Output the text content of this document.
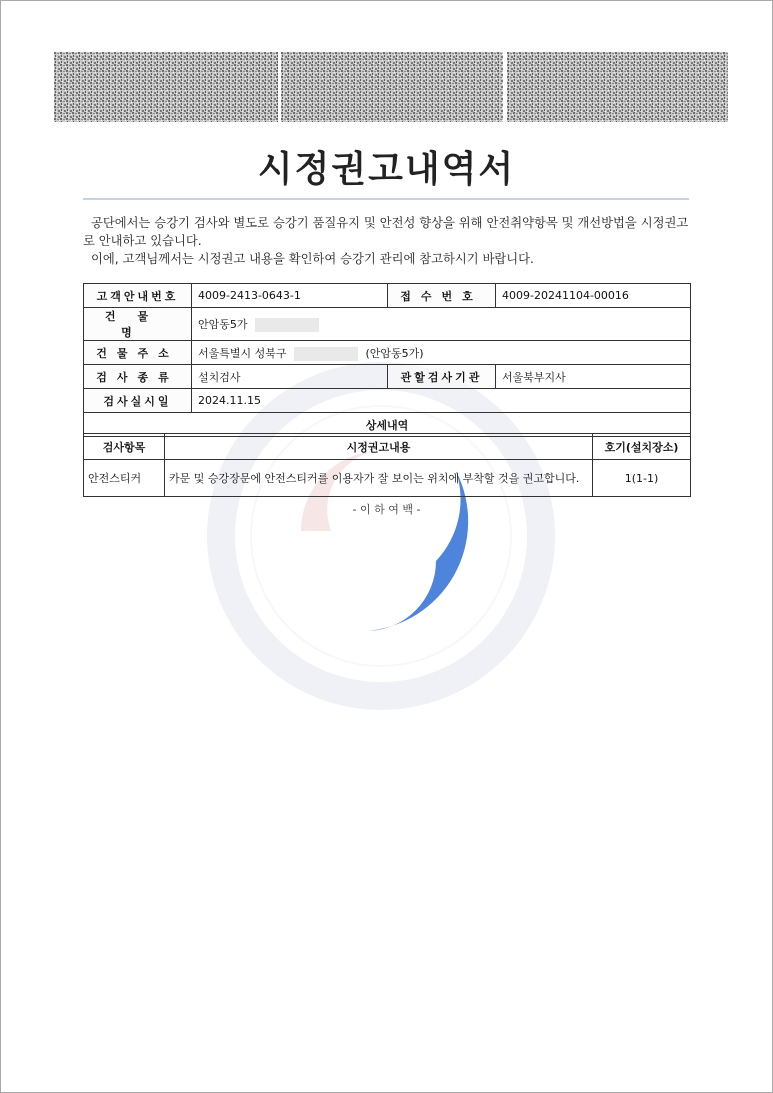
시정권고내역서

공단에서는 승강기 검사와 별도로 승강기 품질유지 및 안전성 향상을 위해 안전취약항목 및 개선방법을 시정권고로 안내하고 있습니다.

이에, 고객님께서는 시정권고 내용을 확인하여 승강기 관리에 참고하시기 바랍니다.

고객안내번호	4009-2413-0643-1	접수번호	4009-20241104-00016
건물명	안암동5가		
건물주소	서울특별시 성북구 (안암동5가)		
검사종류	설치검사	관할검사기관	서울북부지사
검사실시일	2024.11.15		
상세내역			
검사항목	시정권고내용	호기(설치장소)
안전스티커	카문 및 승강장문에 안전스티커를 이용자가 잘 보이는 위치에 부착할 것을 권고합니다.	1(1-1)
- 이 하 여 백 -
